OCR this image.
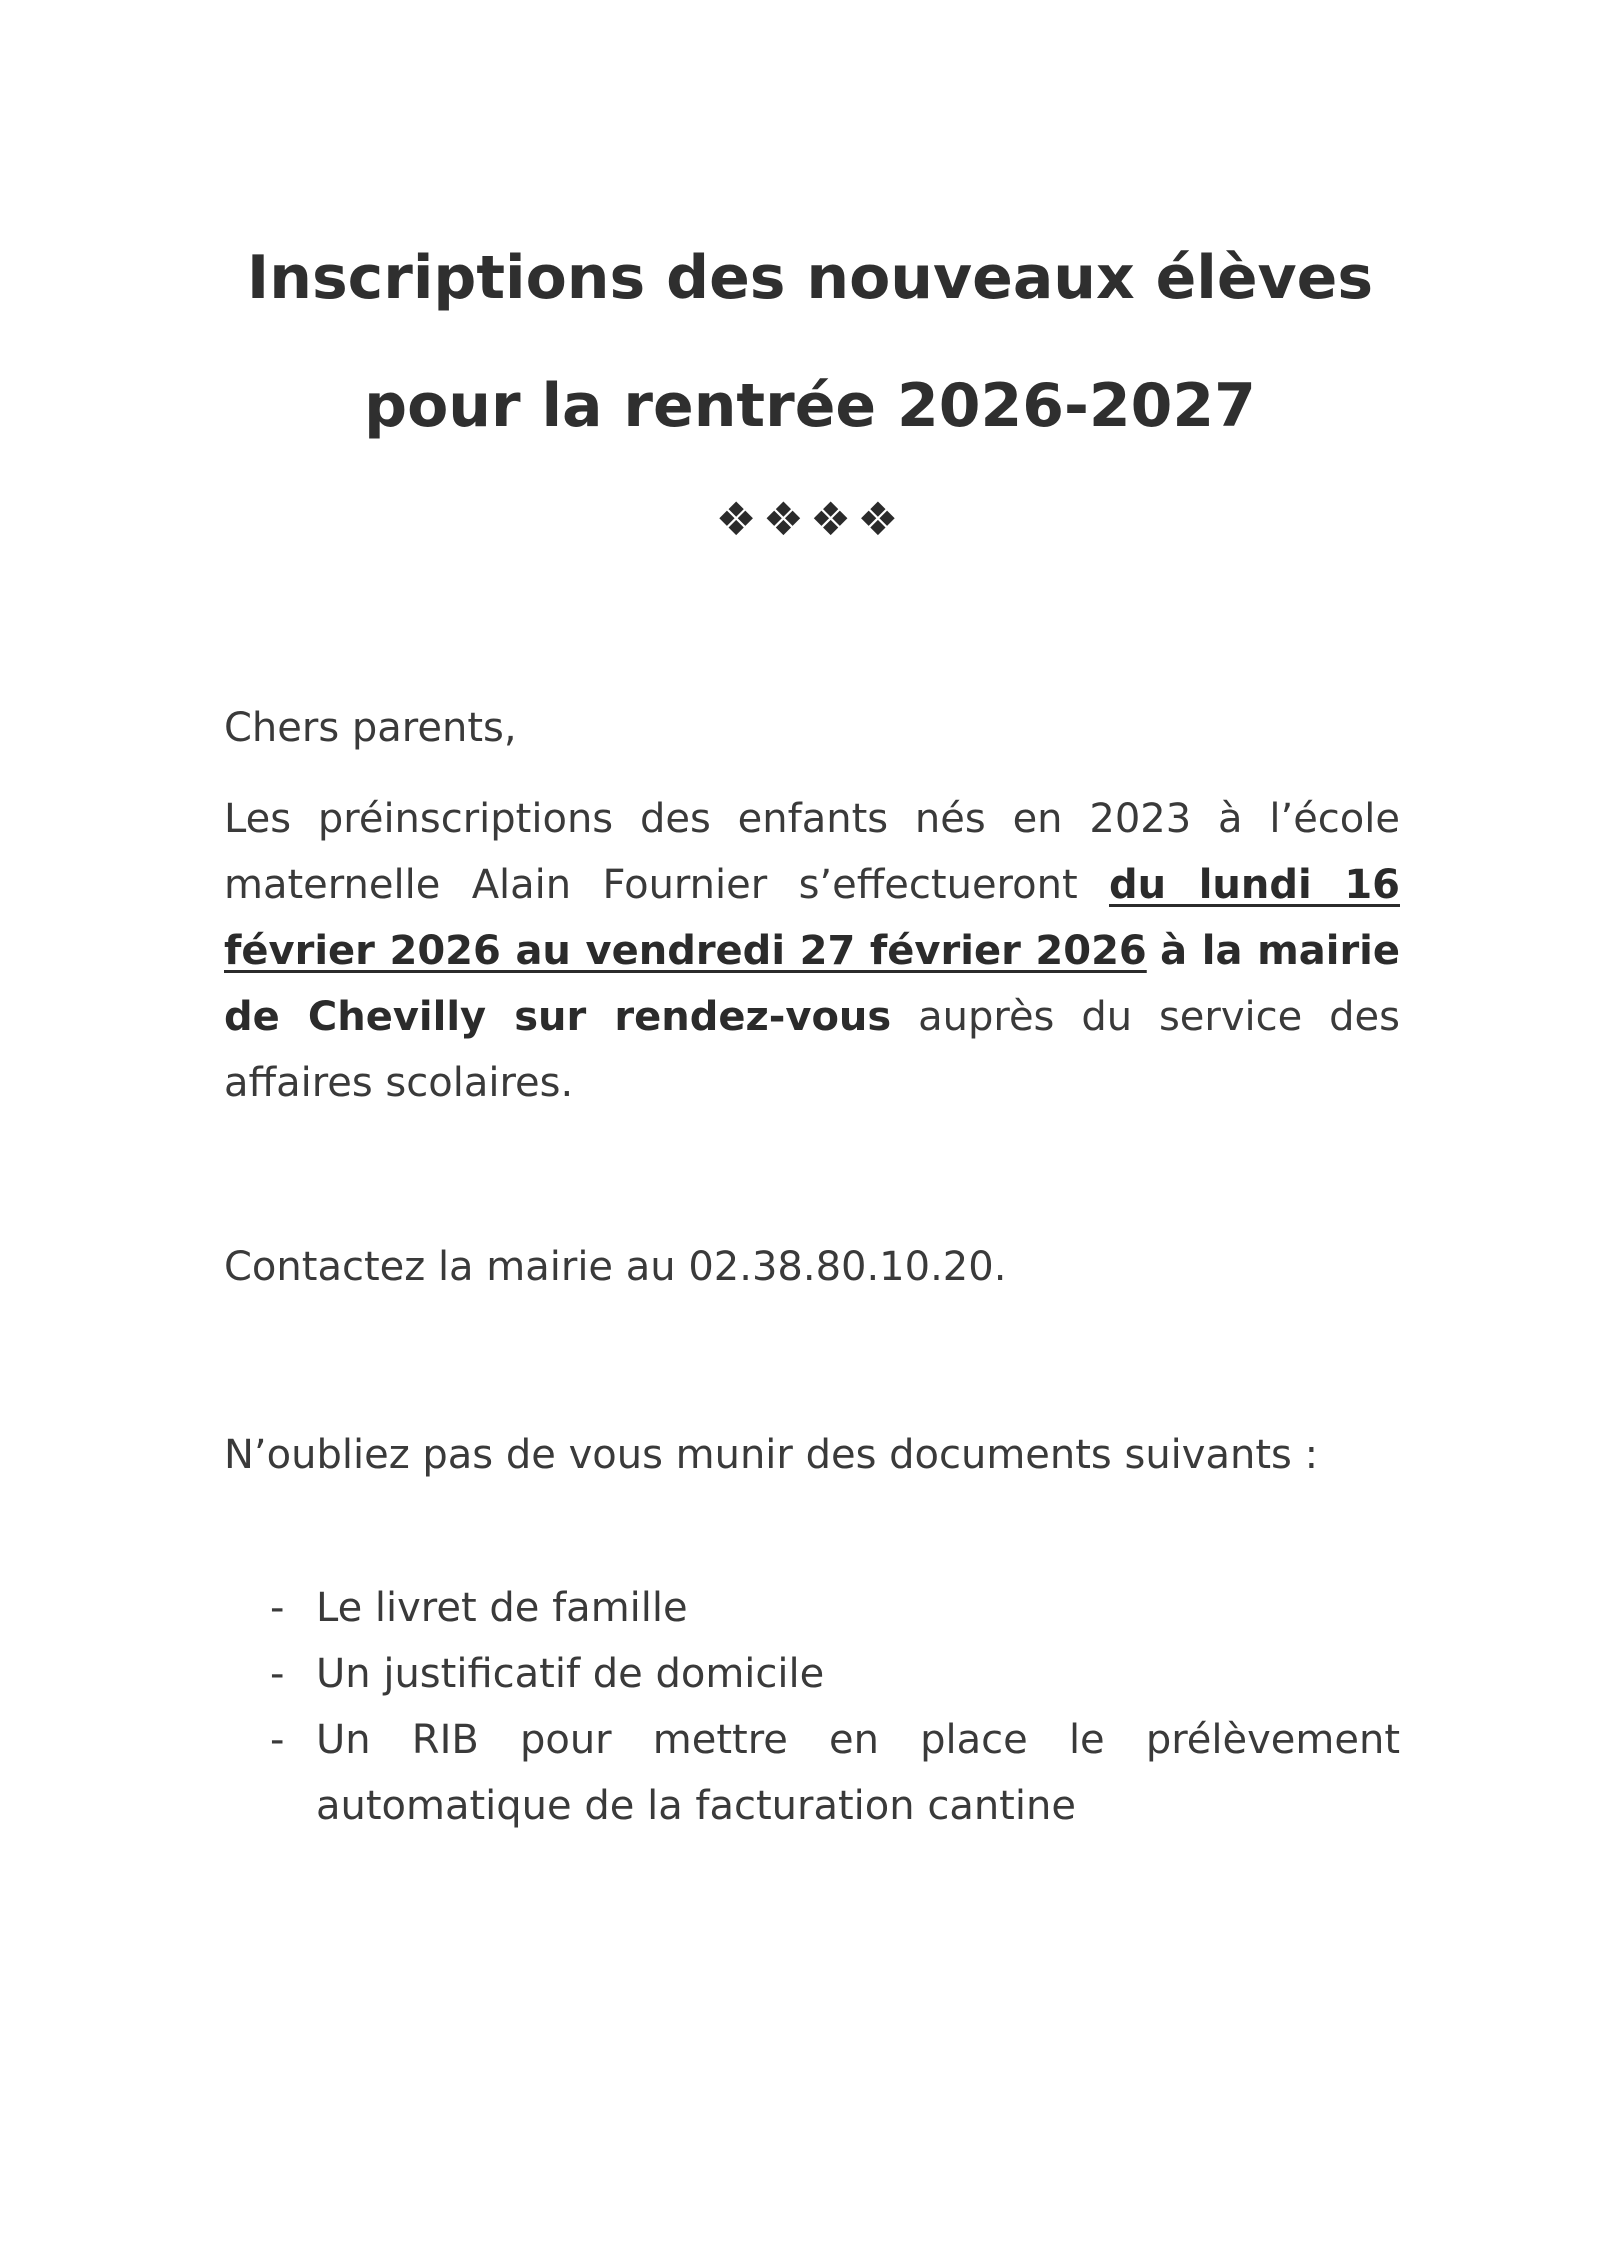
Inscriptions des nouveaux élèves
pour la rentrée 2026-2027
❖❖❖❖

Chers parents,

Les préinscriptions des enfants nés en 2023 à l’école maternelle Alain Fournier s’effectueront du lundi 16 février 2026 au vendredi 27 février 2026 à la mairie de Chevilly sur rendez-vous auprès du service des affaires scolaires.

Contactez la mairie au 02.38.80.10.20.

N’oubliez pas de vous munir des documents suivants :

- Le livret de famille
- Un justificatif de domicile
- Un RIB pour mettre en place le prélèvement automatique de la facturation cantine
